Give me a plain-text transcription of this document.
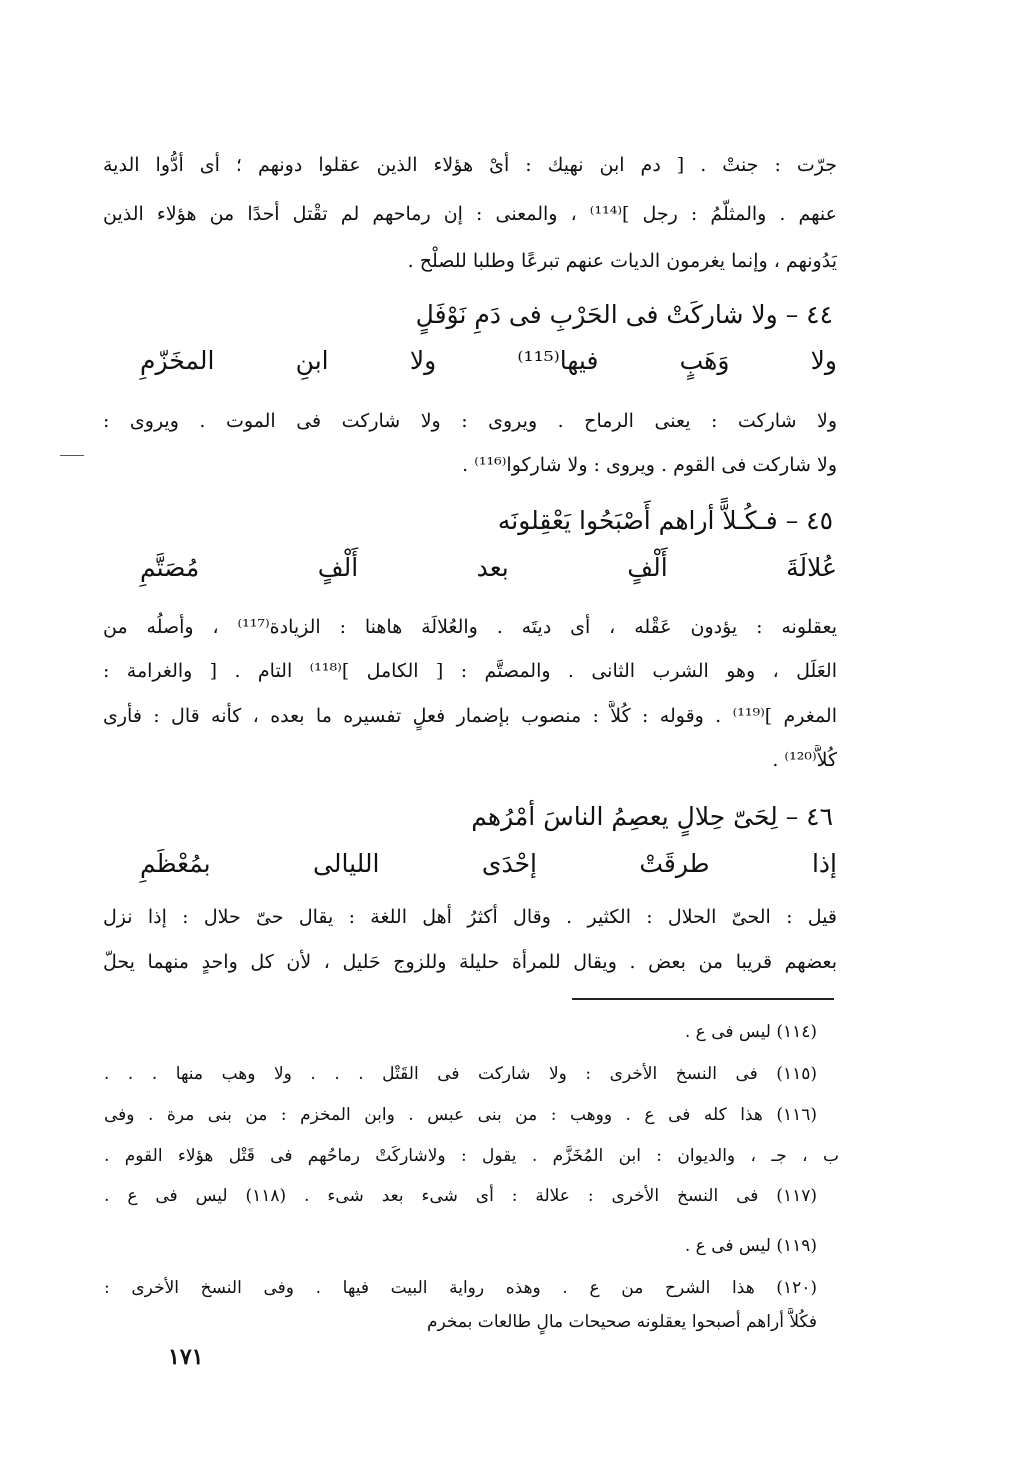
جرّت : جنتْ . [ دم ابن نهيك : أىْ هؤلاء الذين عقلوا دونهم ؛ أى أدُّوا الدية
عنهم . والمثلّمُ : رجل ]⁽¹¹⁴⁾ ، والمعنى : إن رماحهم لم تقْتل أحدًا من هؤلاء الذين
يَدُونهم ، وإنما يغرمون الديات عنهم تبرعًا وطلبا للصلْح .
٤٤ – ولا شاركَتْ فى الحَرْبِ فى دَمِ نَوْفَلٍ
ولا وَهَبٍ فيها⁽¹¹⁵⁾ ولا ابنِ المخَزّمِ
ولا شاركت : يعنى الرماح . ويروى : ولا شاركت فى الموت . ويروى :
ولا شاركت فى القوم . ويروى : ولا شاركوا⁽¹¹⁶⁾ .
٤٥ – فـكُـلاًّ أراهم أَصْبَحُوا يَعْقِلونَه
عُلالَةَ أَلْفٍ بعد أَلْفٍ مُصَتَّمِ
يعقلونه : يؤدون عَقْله ، أى ديتَه . والعُلالَة هاهنا : الزيادة⁽¹¹⁷⁾ ، وأصلُه من
العَلَل ، وهو الشرب الثانى . والمصتَّم : [ الكامل ]⁽¹¹⁸⁾ التام . [ والغرامة :
المغرم ]⁽¹¹⁹⁾ . وقوله : كُلاًّ : منصوب بإضمار فعلٍ تفسيره ما بعده ، كأنه قال : فأرى
كُلاًّ⁽¹²⁰⁾ .
٤٦ – لِحَىّ حِلالٍ يعصِمُ الناسَ أمْرُهم
إذا طرقَتْ إحْدَى الليالى بمُعْظَمِ
قيل : الحىّ الحلال : الكثير . وقال أكثرُ أهل اللغة : يقال حىّ حلال : إذا نزل
بعضهم قريبا من بعض . ويقال للمرأة حليلة وللزوج حَليل ، لأن كل واحدٍ منهما يحلّ
(١١٤) ليس فى ع .
(١١٥) فى النسخ الأخرى : ولا شاركت فى القَتْل . . . ولا وهب منها . . .
(١١٦) هذا كله فى ع . ووهب : من بنى عبس . وابن المخزم : من بنى مرة . وفى
ب ، جـ ، والديوان : ابن المُخَزَّم . يقول : ولاشاركَتْ رماحُهم فى قَتْل هؤلاء القوم .
(١١٧) فى النسخ الأخرى : علالة : أى شىء بعد شىء . (١١٨) ليس فى ع .
(١١٩) ليس فى ع .
(١٢٠) هذا الشرح من ع . وهذه رواية البيت فيها . وفى النسخ الأخرى :
فكُلاًّ أراهم أصبحوا يعقلونه صحيحات مالٍ طالعات بمخرم
١٧١
